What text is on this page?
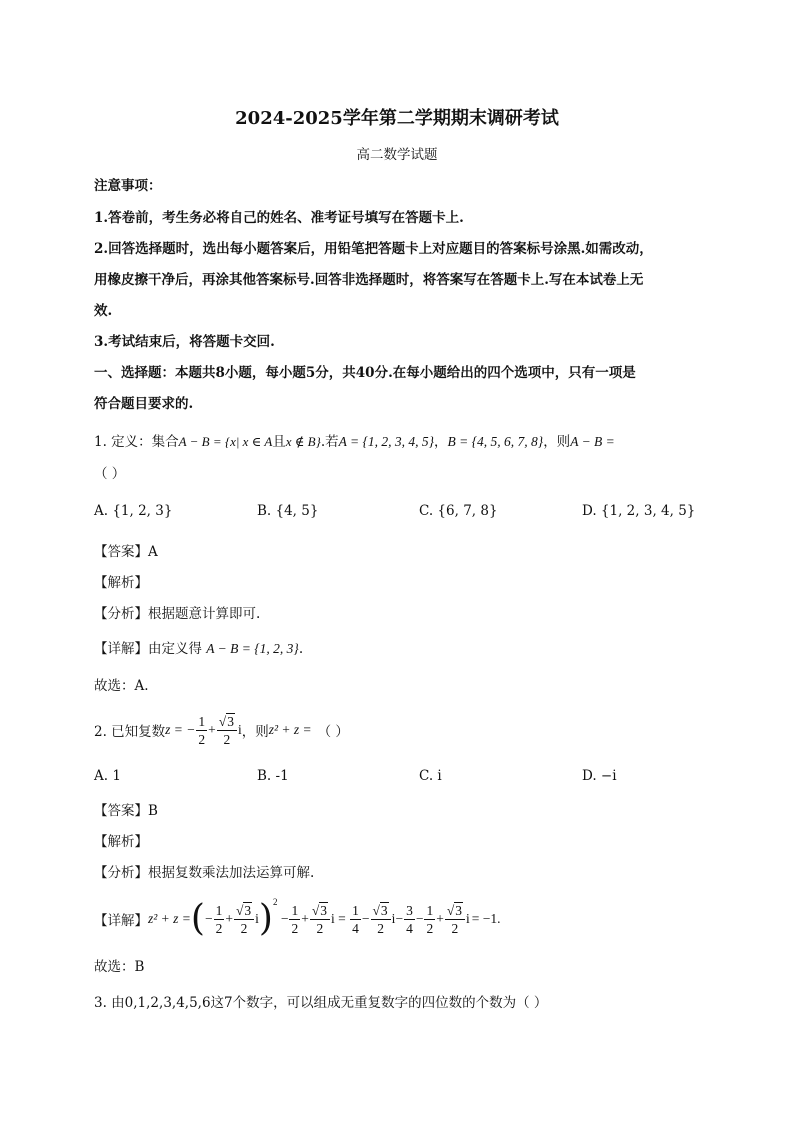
2024-2025学年第二学期期末调研考试
高二数学试题
注意事项：
1.答卷前，考生务必将自己的姓名、准考证号填写在答题卡上.
2.回答选择题时，选出每小题答案后，用铅笔把答题卡上对应题目的答案标号涂黑.如需改动，
用橡皮擦干净后，再涂其他答案标号.回答非选择题时，将答案写在答题卡上.写在本试卷上无
效.
3.考试结束后，将答题卡交回.
一、选择题：本题共8小题，每小题5分，共40分.在每小题给出的四个选项中，只有一项是
符合题目要求的.
1. 定义：集合A − B = {x| x ∈ A且x ∉ B}.若A = {1, 2, 3, 4, 5}，B = {4, 5, 6, 7, 8}，则A − B =
（ ）
A. {1, 2, 3}	B. {4, 5}	C. {6, 7, 8}	D. {1, 2, 3, 4, 5}
【答案】A
【解析】
【分析】根据题意计算即可.
【详解】由定义得 A − B = {1, 2, 3}.
故选：A.
2. 已知复数 z = − $\frac{1}{2} + \frac{√3}{2}$ i ，则 z² + z = （ ）
A. 1	B. -1	C. i	D. −i
【答案】B
【解析】
【分析】根据复数乘法加法运算可解.
【详解】 z² + z = ( − $\frac{1}{2} + \frac{√3}{2}$ i )$^2$
− $\frac{1}{2} + \frac{√3}{2}$ $i = \frac{1}{4} - \frac{√3}{2}$ $i - \frac{3}{4} - \frac{1}{2} + \frac{√3}{2}$ i = −1.
故选：B
3. 由0,1,2,3,4,5,6这7个数字，可以组成无重复数字的四位数的个数为（ ）
